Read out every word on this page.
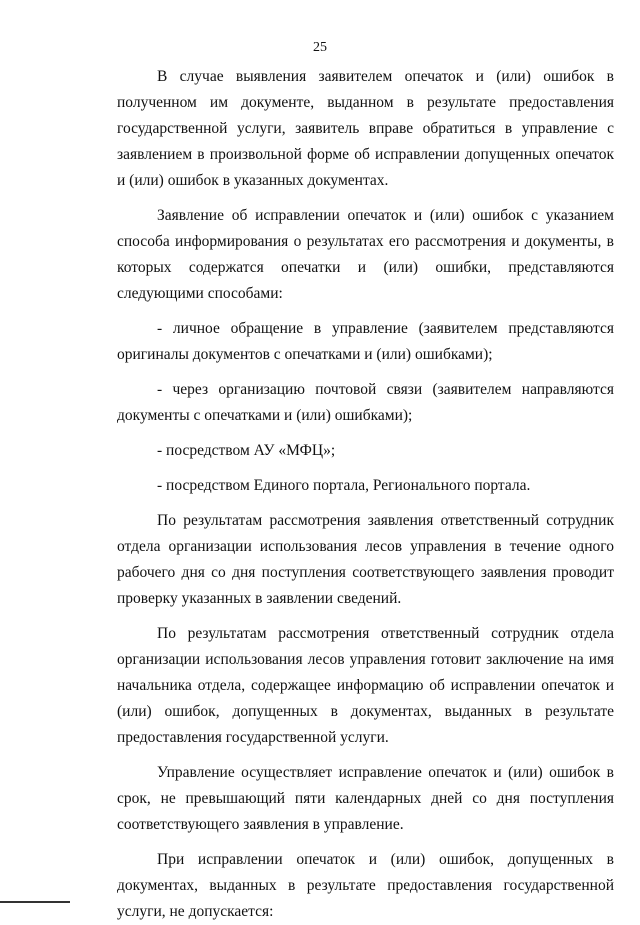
25

В случае выявления заявителем опечаток и (или) ошибок в полученном им документе, выданном в результате предоставления государственной услуги, заявитель вправе обратиться в управление с заявлением в произвольной форме об исправлении допущенных опечаток и (или) ошибок в указанных документах.

Заявление об исправлении опечаток и (или) ошибок с указанием способа информирования о результатах его рассмотрения и документы, в которых содержатся опечатки и (или) ошибки, представляются следующими способами:

- личное обращение в управление (заявителем представляются оригиналы документов с опечатками и (или) ошибками);

- через организацию почтовой связи (заявителем направляются документы с опечатками и (или) ошибками);

- посредством АУ «МФЦ»;

- посредством Единого портала, Регионального портала.

По результатам рассмотрения заявления ответственный сотрудник отдела организации использования лесов управления в течение одного рабочего дня со дня поступления соответствующего заявления проводит проверку указанных в заявлении сведений.

По результатам рассмотрения ответственный сотрудник отдела организации использования лесов управления готовит заключение на имя начальника отдела, содержащее информацию об исправлении опечаток и (или) ошибок, допущенных в документах, выданных в результате предоставления государственной услуги.

Управление осуществляет исправление опечаток и (или) ошибок в срок, не превышающий пяти календарных дней со дня поступления соответствующего заявления в управление.

При исправлении опечаток и (или) ошибок, допущенных в документах, выданных в результате предоставления государственной услуги, не допускается:
